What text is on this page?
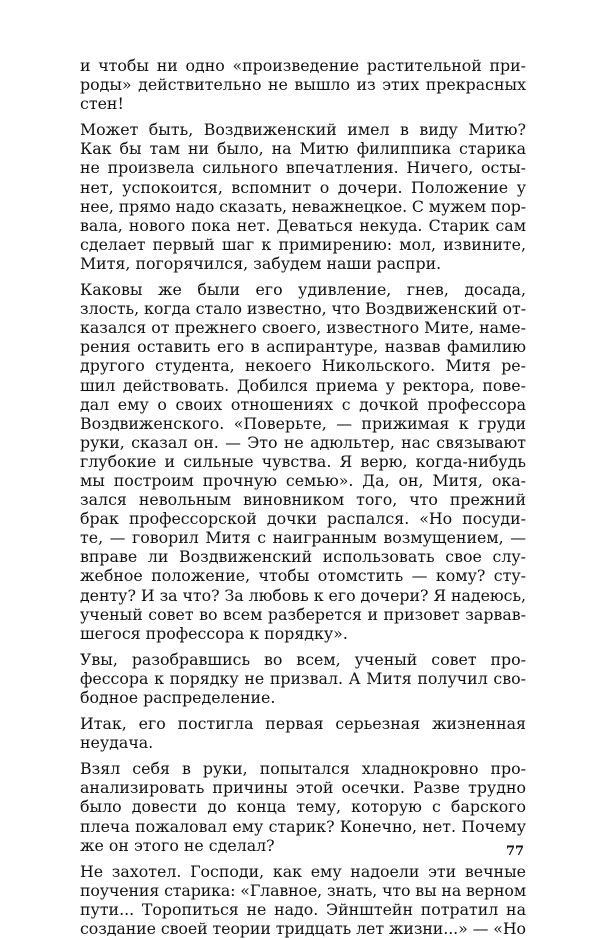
и чтобы ни одно «произведение растительной при-
роды» действительно не вышло из этих прекрасных
стен!
Может быть, Воздвиженский имел в виду Митю?
Как бы там ни было, на Митю филиппика старика
не произвела сильного впечатления. Ничего, осты-
нет, успокоится, вспомнит о дочери. Положение у
нее, прямо надо сказать, неважнецкое. С мужем пор-
вала, нового пока нет. Деваться некуда. Старик сам
сделает первый шаг к примирению: мол, извините,
Митя, погорячился, забудем наши распри.
Каковы же были его удивление, гнев, досада,
злость, когда стало известно, что Воздвиженский от-
казался от прежнего своего, известного Мите, наме-
рения оставить его в аспирантуре, назвав фамилию
другого студента, некоего Никольского. Митя ре-
шил действовать. Добился приема у ректора, пове-
дал ему о своих отношениях с дочкой профессора
Воздвиженского. «Поверьте, — прижимая к груди
руки, сказал он. — Это не адюльтер, нас связывают
глубокие и сильные чувства. Я верю, когда-нибудь
мы построим прочную семью». Да, он, Митя, ока-
зался невольным виновником того, что прежний
брак профессорской дочки распался. «Но посуди-
те, — говорил Митя с наигранным возмущением, —
вправе ли Воздвиженский использовать свое слу-
жебное положение, чтобы отомстить — кому? сту-
денту? И за что? За любовь к его дочери? Я надеюсь,
ученый совет во всем разберется и призовет зарвав-
шегося профессора к порядку».
Увы, разобравшись во всем, ученый совет про-
фессора к порядку не призвал. А Митя получил сво-
бодное распределение.
Итак, его постигла первая серьезная жизненная
неудача.
Взял себя в руки, попытался хладнокровно про-
анализировать причины этой осечки. Разве трудно
было довести до конца тему, которую с барского
плеча пожаловал ему старик? Конечно, нет. Почему
же он этого не сделал?
Не захотел. Господи, как ему надоели эти вечные
поучения старика: «Главное, знать, что вы на верном
пути... Торопиться не надо. Эйнштейн потратил на
создание своей теории тридцать лет жизни...» — «Но
77
